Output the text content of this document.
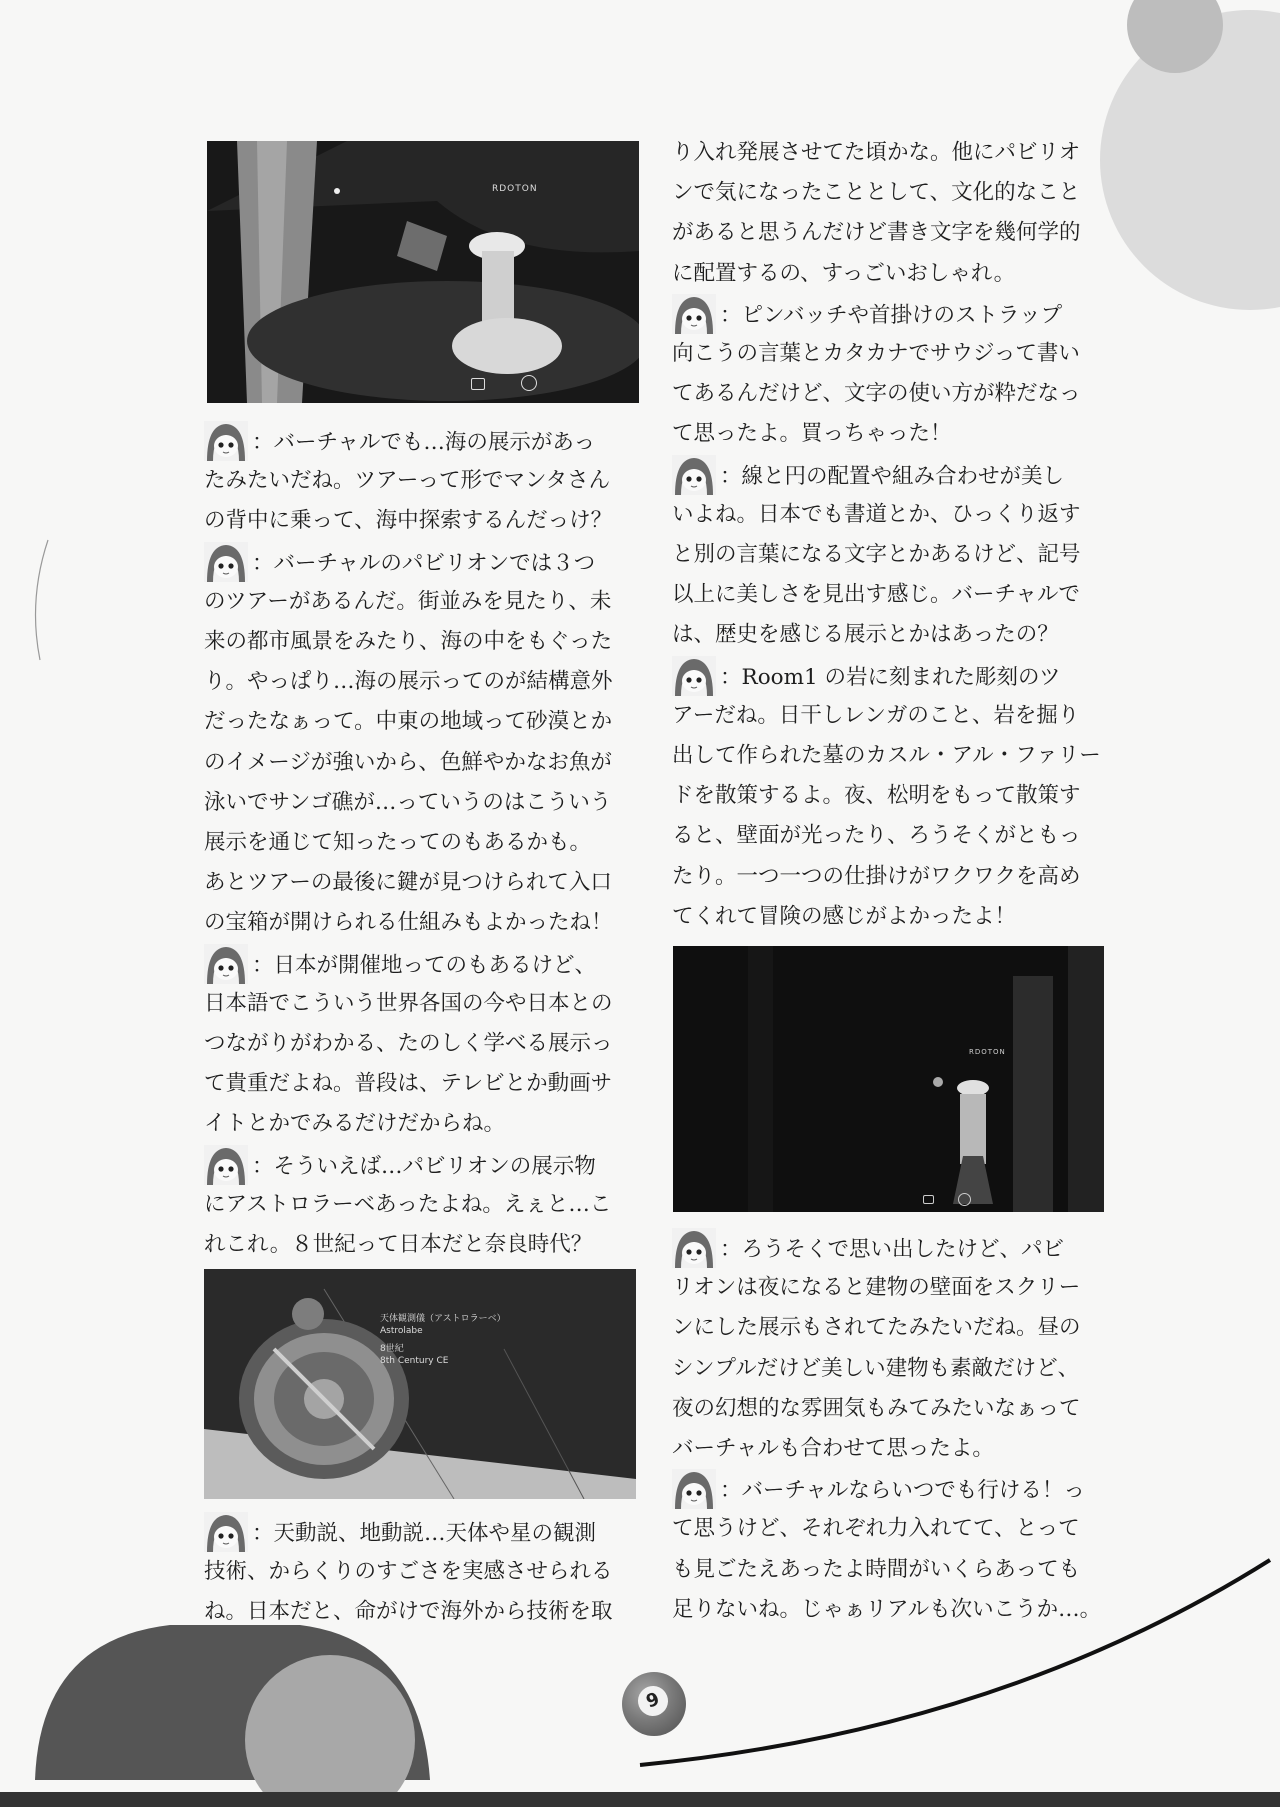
RDOTON
天体観測儀（アストロラーベ）
Astrolabe
8世紀
8th Century CE
RDOTON
：バーチャルでも…海の展示があっ
たみたいだね。ツアーって形でマンタさん
の背中に乗って、海中探索するんだっけ？
：バーチャルのパビリオンでは３つ
のツアーがあるんだ。街並みを見たり、未
来の都市風景をみたり、海の中をもぐった
り。やっぱり…海の展示ってのが結構意外
だったなぁって。中東の地域って砂漠とか
のイメージが強いから、色鮮やかなお魚が
泳いでサンゴ礁が…っていうのはこういう
展示を通じて知ったってのもあるかも。
あとツアーの最後に鍵が見つけられて入口
の宝箱が開けられる仕組みもよかったね！
：日本が開催地ってのもあるけど、
日本語でこういう世界各国の今や日本との
つながりがわかる、たのしく学べる展示っ
て貴重だよね。普段は、テレビとか動画サ
イトとかでみるだけだからね。
：そういえば…パビリオンの展示物
にアストロラーベあったよね。えぇと…こ
れこれ。８世紀って日本だと奈良時代？
：天動説、地動説…天体や星の観測
技術、からくりのすごさを実感させられる
ね。日本だと、命がけで海外から技術を取
り入れ発展させてた頃かな。他にパビリオ
ンで気になったこととして、文化的なこと
があると思うんだけど書き文字を幾何学的
に配置するの、すっごいおしゃれ。
：ピンバッチや首掛けのストラップ
向こうの言葉とカタカナでサウジって書い
てあるんだけど、文字の使い方が粋だなっ
て思ったよ。買っちゃった！
：線と円の配置や組み合わせが美し
いよね。日本でも書道とか、ひっくり返す
と別の言葉になる文字とかあるけど、記号
以上に美しさを見出す感じ。バーチャルで
は、歴史を感じる展示とかはあったの？
：Room1 の岩に刻まれた彫刻のツ
アーだね。日干しレンガのこと、岩を掘り
出して作られた墓のカスル・アル・ファリー
ドを散策するよ。夜、松明をもって散策す
ると、壁面が光ったり、ろうそくがともっ
たり。一つ一つの仕掛けがワクワクを高め
てくれて冒険の感じがよかったよ！
：ろうそくで思い出したけど、パビ
リオンは夜になると建物の壁面をスクリー
ンにした展示もされてたみたいだね。昼の
シンプルだけど美しい建物も素敵だけど、
夜の幻想的な雰囲気もみてみたいなぁって
バーチャルも合わせて思ったよ。
：バーチャルならいつでも行ける！っ
て思うけど、それぞれ力入れてて、とって
も見ごたえあったよ時間がいくらあっても
足りないね。じゃぁリアルも次いこうか…。
9
